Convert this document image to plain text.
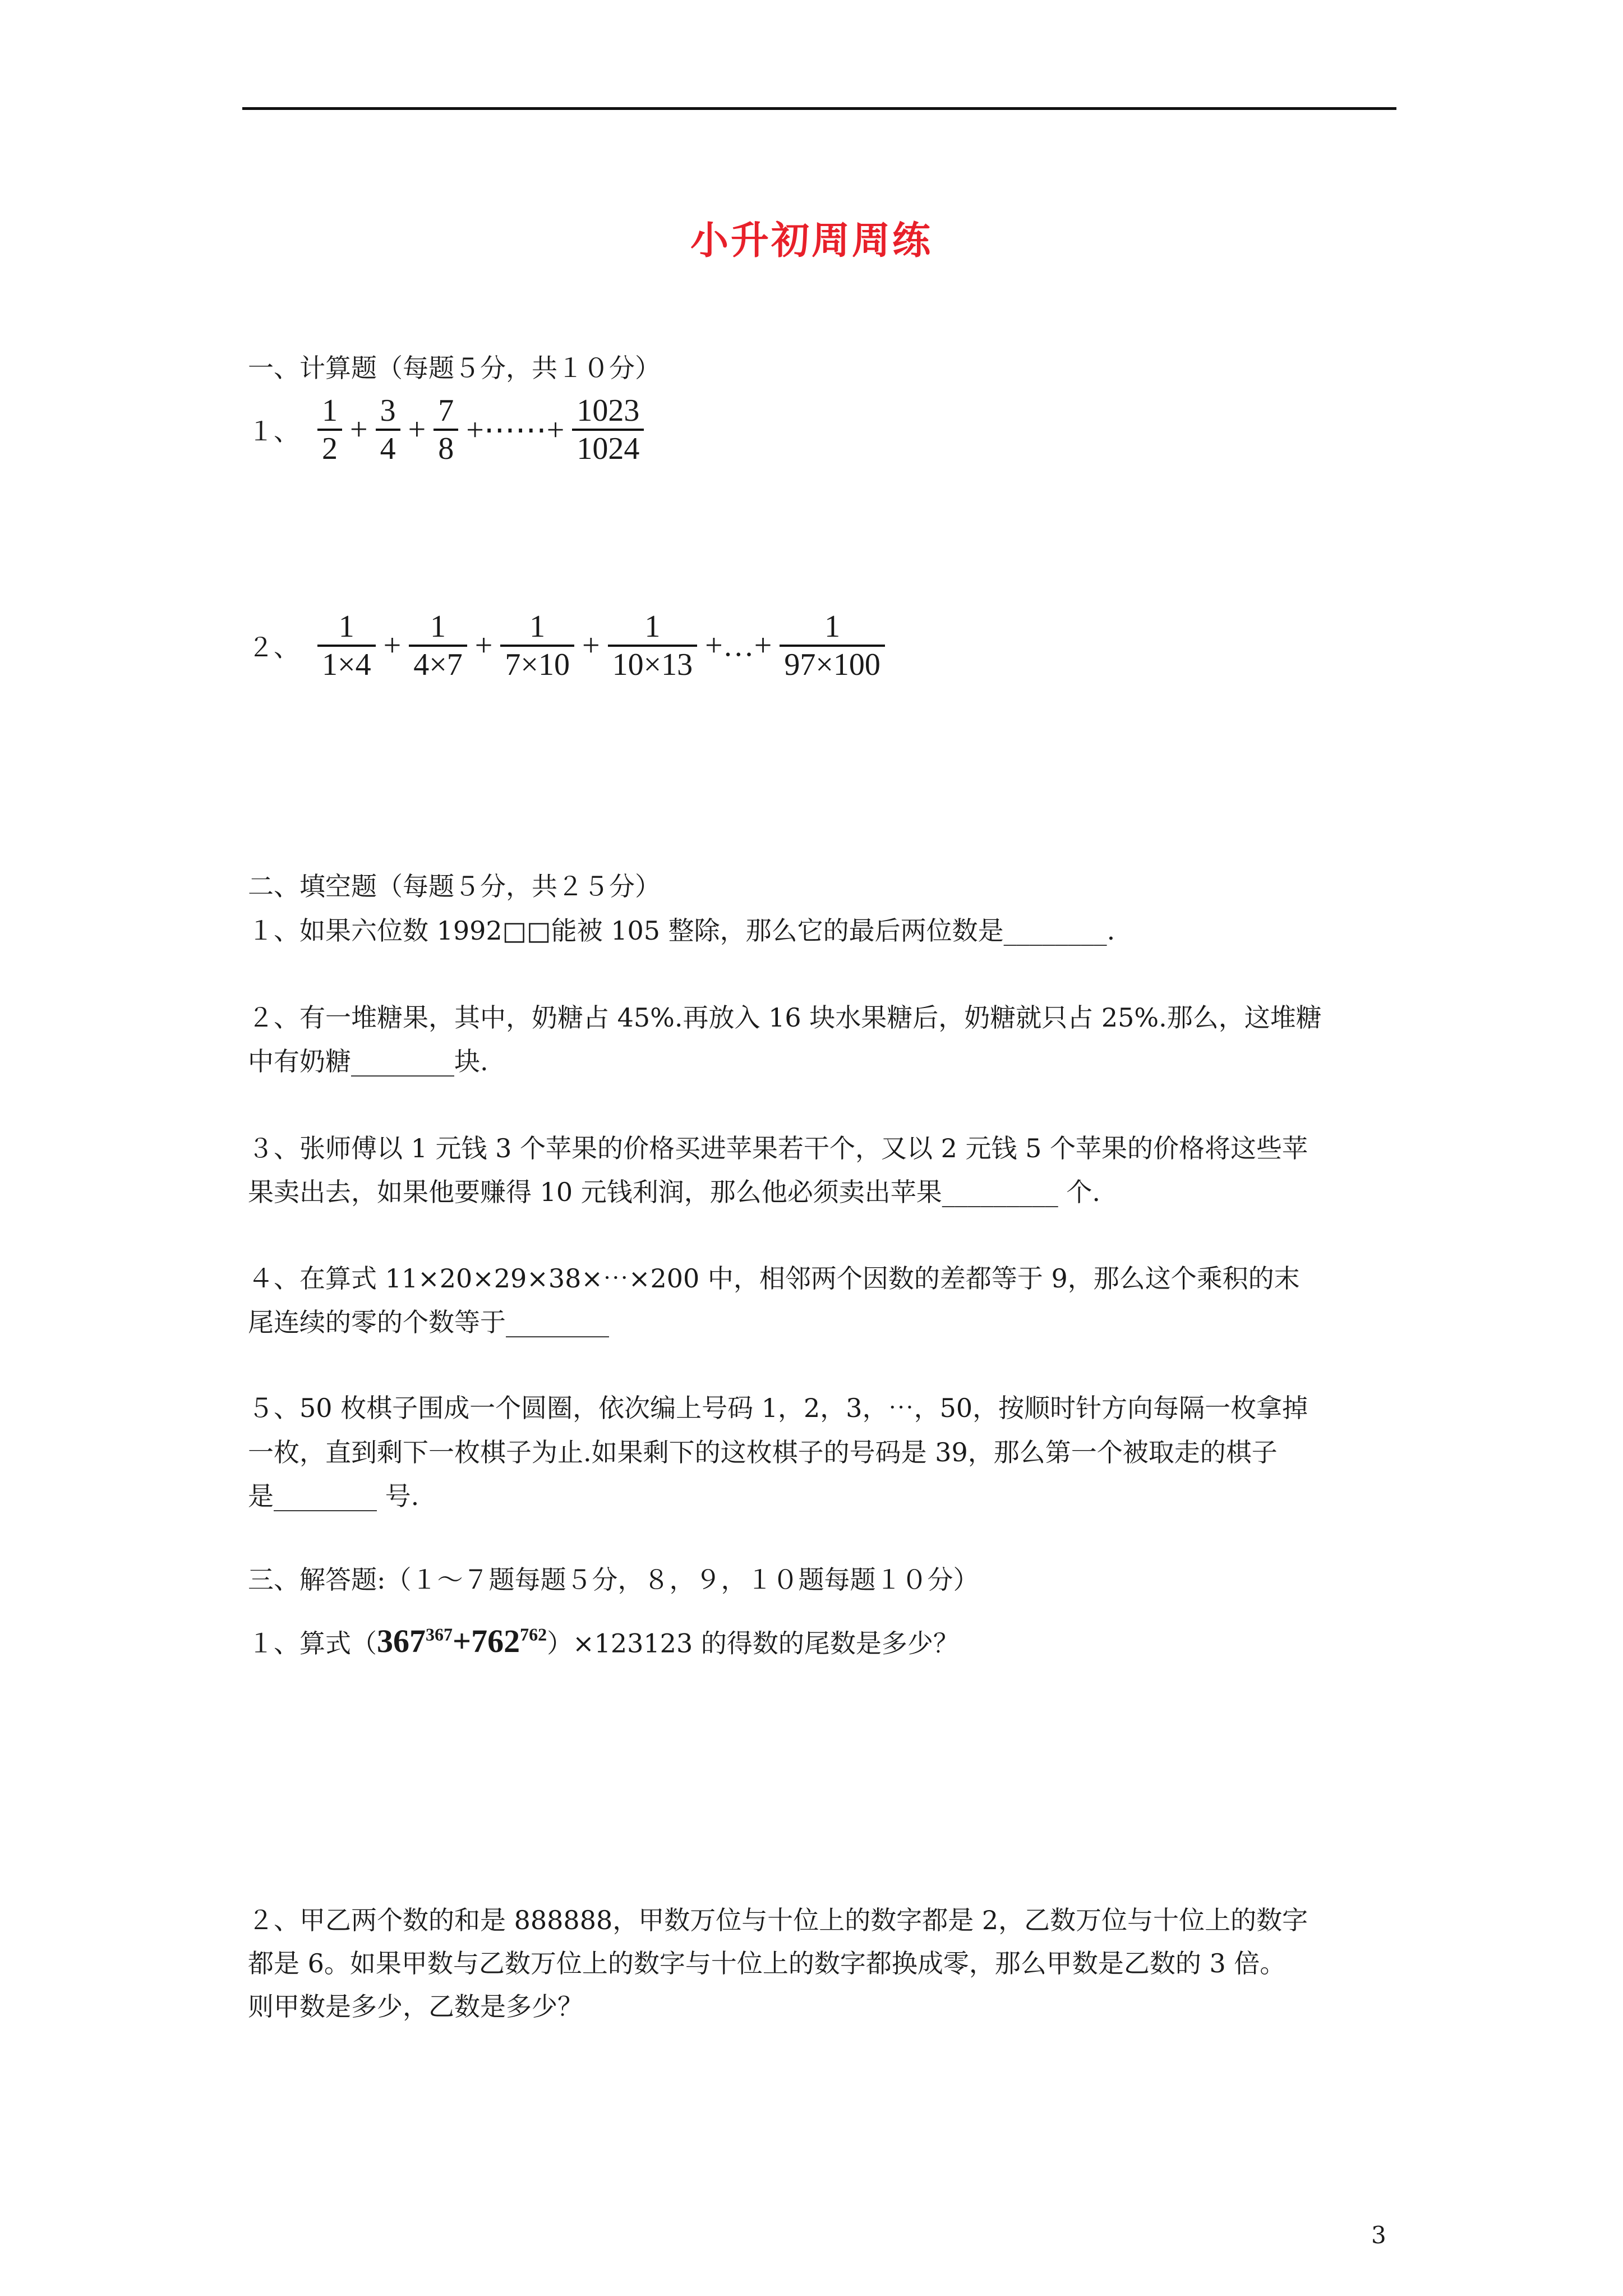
小升初周周练
一、计算题（每题５分，共１０分）
１、 $\frac{1}{2} + \frac{3}{4} + \frac{7}{8}$ +⋯⋯+ $\frac{1023}{1024}$
２、 $\frac{1}{1\times 4} + \frac{1}{4\times 7} + \frac{1}{7\times 10} + \frac{1}{10\times 13}$ +…+ $\frac{1}{97\times 100}$
二、填空题（每题５分，共２５分）
１、如果六位数 1992□□能被 105 整除，那么它的最后两位数是________.
２、有一堆糖果，其中，奶糖占 45%.再放入 16 块水果糖后，奶糖就只占 25%.那么，这堆糖
中有奶糖________块.
３、张师傅以 1 元钱 3 个苹果的价格买进苹果若干个，又以 2 元钱 5 个苹果的价格将这些苹
果卖出去，如果他要赚得 10 元钱利润，那么他必须卖出苹果_________ 个.
４、在算式 11×20×29×38×⋯×200 中，相邻两个因数的差都等于 9，那么这个乘积的末
尾连续的零的个数等于________
５、50 枚棋子围成一个圆圈，依次编上号码 1，2，3，⋯，50，按顺时针方向每隔一枚拿掉
一枚，直到剩下一枚棋子为止.如果剩下的这枚棋子的号码是 39，那么第一个被取走的棋子
是________ 号.
三、解答题:（１～７题每题５分，８，９，１０题每题１０分）
１、算式$(367^{367}+762^{762})\times 123123$ 的得数的尾数是多少？
２、甲乙两个数的和是 888888，甲数万位与十位上的数字都是 2，乙数万位与十位上的数字
都是 6。如果甲数与乙数万位上的数字与十位上的数字都换成零，那么甲数是乙数的 3 倍。
则甲数是多少，乙数是多少？
3
